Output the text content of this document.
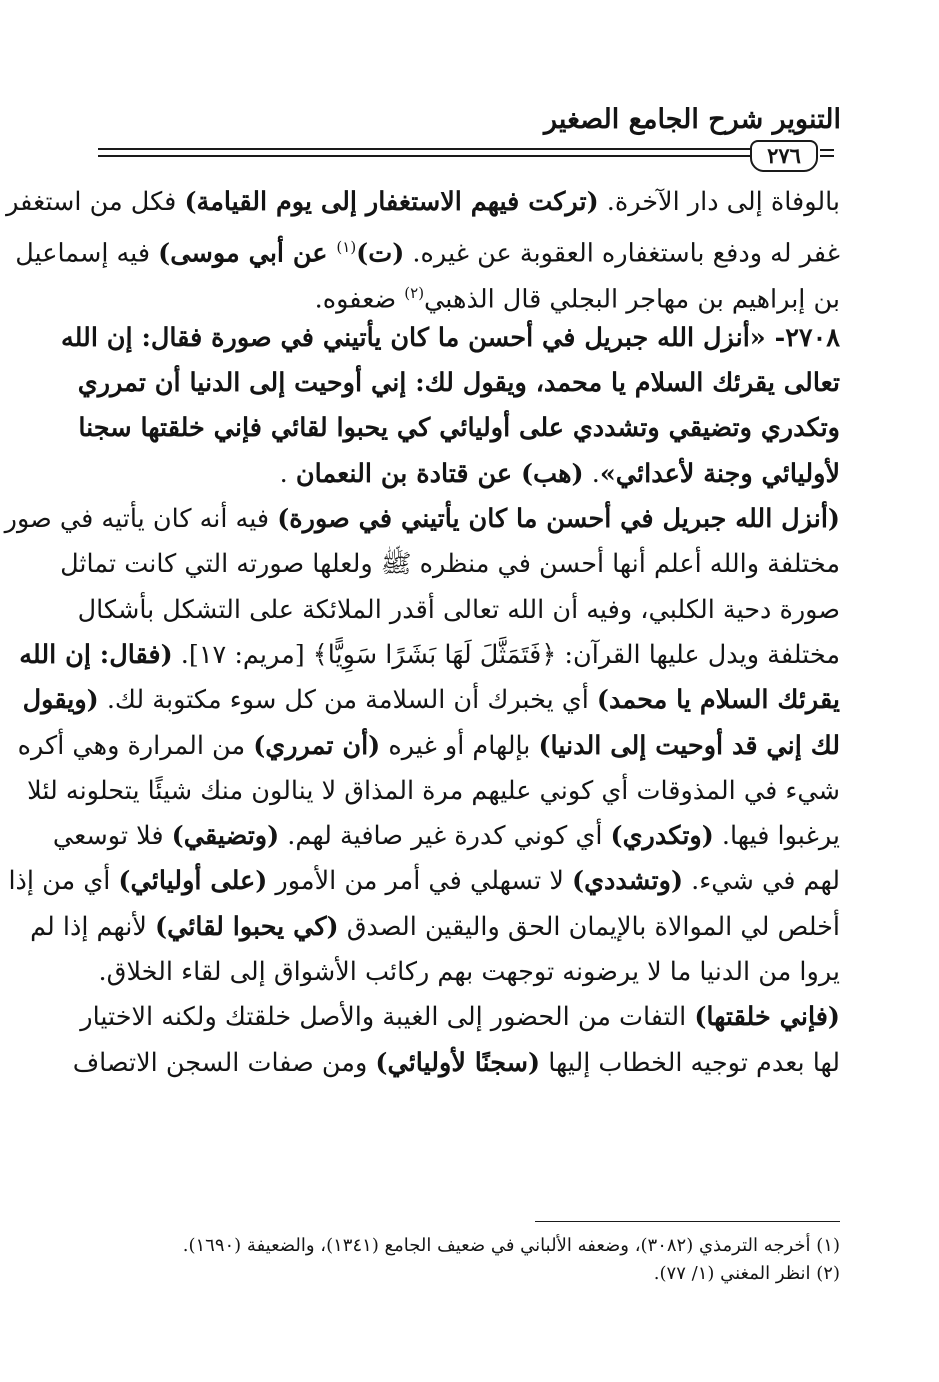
التنوير شرح الجامع الصغير
٢٧٦
بالوفاة إلى دار الآخرة. (تركت فيهم الاستغفار إلى يوم القيامة) فكل من استغفر
غفر له ودفع باستغفاره العقوبة عن غيره. (ت)$^{(١)}$ عن أبي موسى) فيه إسماعيل
بن إبراهيم بن مهاجر البجلي قال الذهبي$^{(٢)}$ ضعفوه.
٢٧٠٨- «أنزل الله جبريل في أحسن ما كان يأتيني في صورة فقال: إن الله
تعالى يقرئك السلام يا محمد، ويقول لك: إني أوحيت إلى الدنيا أن تمرري
وتكدري وتضيقي وتشددي على أوليائي كي يحبوا لقائي فإني خلقتها سجنا
لأوليائي وجنة لأعدائي». (هب) عن قتادة بن النعمان .
(أنزل الله جبريل في أحسن ما كان يأتيني في صورة) فيه أنه كان يأتيه في صور
مختلفة والله أعلم أنها أحسن في منظره ﷺ ولعلها صورته التي كانت تماثل
صورة دحية الكلبي، وفيه أن الله تعالى أقدر الملائكة على التشكل بأشكال
مختلفة ويدل عليها القرآن: ﴿فَتَمَثَّلَ لَهَا بَشَرًا سَوِيًّا﴾ [مريم: ١٧]. (فقال: إن الله
يقرئك السلام يا محمد) أي يخبرك أن السلامة من كل سوء مكتوبة لك. (ويقول
لك إني قد أوحيت إلى الدنيا) بإلهام أو غيره (أن تمرري) من المرارة وهي أكره
شيء في المذوقات أي كوني عليهم مرة المذاق لا ينالون منك شيئًا يتحلونه لئلا
يرغبوا فيها. (وتكدري) أي كوني كدرة غير صافية لهم. (وتضيقي) فلا توسعي
لهم في شيء. (وتشددي) لا تسهلي في أمر من الأمور (على أوليائي) أي من إذا
أخلص لي الموالاة بالإيمان الحق واليقين الصدق (كي يحبوا لقائي) لأنهم إذا لم
يروا من الدنيا ما لا يرضونه توجهت بهم ركائب الأشواق إلى لقاء الخلاق.
(فإني خلقتها) التفات من الحضور إلى الغيبة والأصل خلقتك ولكنه الاختيار
لها بعدم توجيه الخطاب إليها (سجنًا لأوليائي) ومن صفات السجن الاتصاف
(١) أخرجه الترمذي (٣٠٨٢)، وضعفه الألباني في ضعيف الجامع (١٣٤١)، والضعيفة (١٦٩٠).
(٢) انظر المغني (١/ ٧٧).
